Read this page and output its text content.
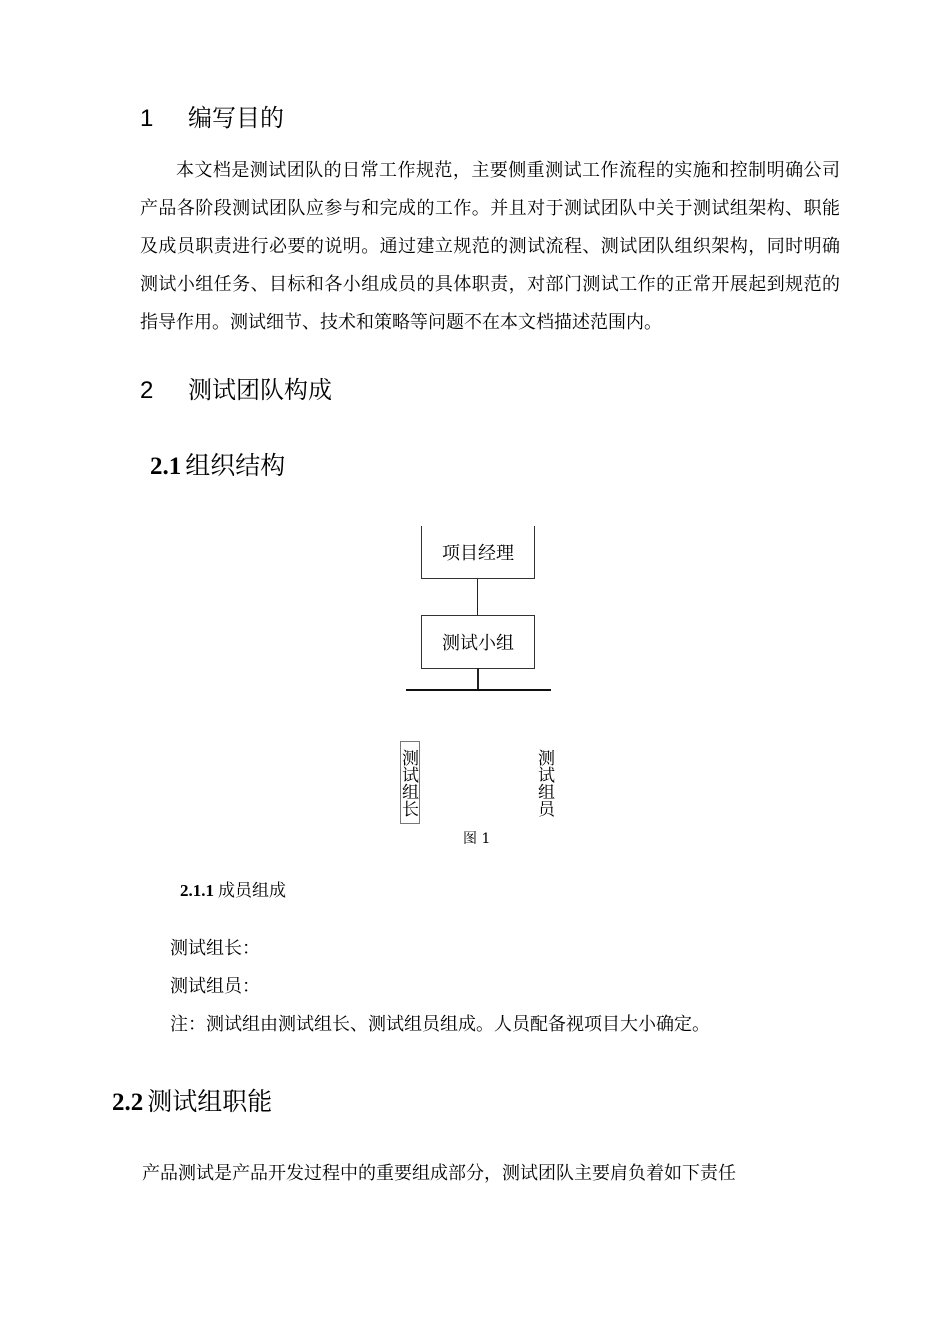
1 编写目的
本文档是测试团队的日常工作规范，主要侧重测试工作流程的实施和控制明确公司产品各阶段测试团队应参与和完成的工作。并且对于测试团队中关于测试组架构、职能及成员职责进行必要的说明。通过建立规范的测试流程、测试团队组织架构，同时明确测试小组任务、目标和各小组成员的具体职责，对部门测试工作的正常开展起到规范的指导作用。测试细节、技术和策略等问题不在本文档描述范围内。
2 测试团队构成
2.1 组织结构
项目经理
测试小组
测试组长	测试组员
图 1
2.1.1 成员组成
测试组长：
测试组员：
注：测试组由测试组长、测试组员组成。人员配备视项目大小确定。
2.2 测试组职能
产品测试是产品开发过程中的重要组成部分，测试团队主要肩负着如下责任
